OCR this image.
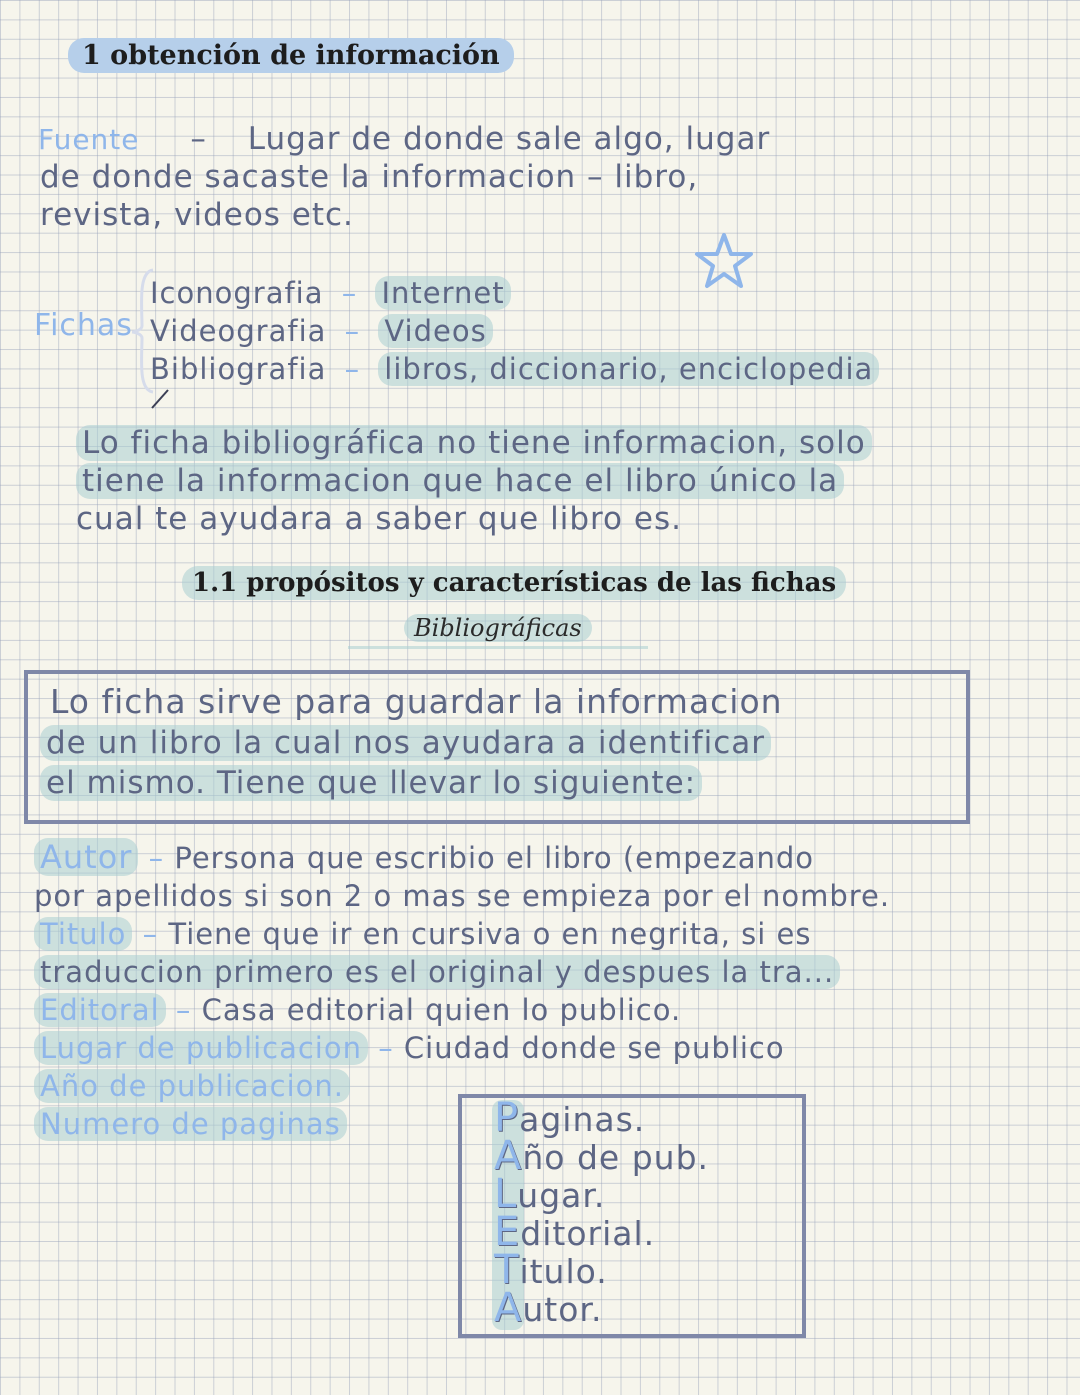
1 obtención de información
Fuente – Lugar de donde sale algo, lugar
de donde sacaste la informacion – libro,
revista, videos etc.
Fichas
Iconografia – Internet
Videografia – Videos
Bibliografia – libros, diccionario, enciclopedia
Lo ficha bibliográfica no tiene informacion, solo
tiene la informacion que hace el libro único la
cual te ayudara a saber que libro es.
1.1 propósitos y características de las fichas
Bibliográficas
Lo ficha sirve para guardar la informacion
de un libro la cual nos ayudara a identificar
el mismo. Tiene que llevar lo siguiente:
Autor – Persona que escribio el libro (empezando
por apellidos si son 2 o mas se empieza por el nombre.
Titulo – Tiene que ir en cursiva o en negrita, si es
traduccion primero es el original y despues la tra...
Editoral – Casa editorial quien lo publico.
Lugar de publicacion – Ciudad donde se publico
Año de publicacion.
Numero de paginas	Paginas.
Año de pub.
Lugar.
Editorial.
Titulo.
Autor.
